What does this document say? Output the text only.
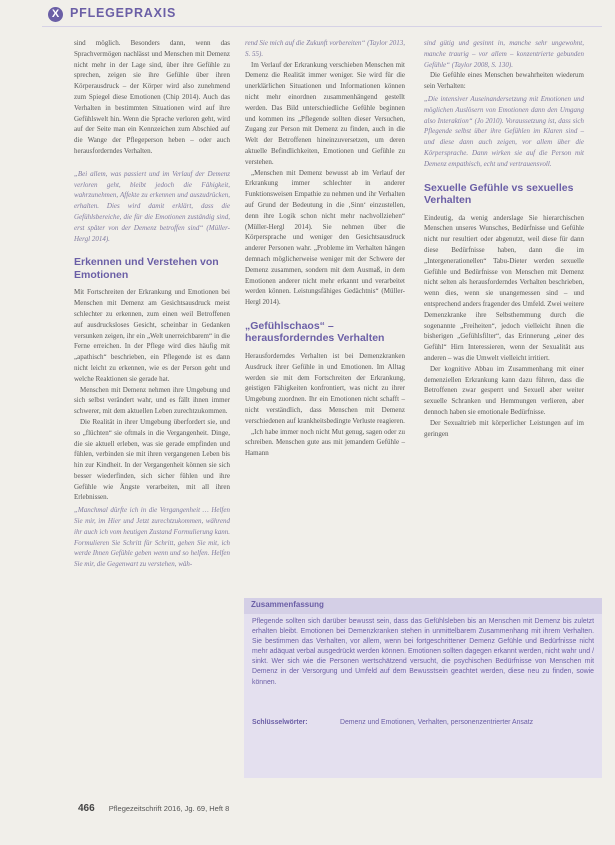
X PFLEGEPRAXIS

sind möglich. Besonders dann, wenn das Sprachvermögen nachlässt und Menschen mit Demenz nicht mehr in der Lage sind, über ihre Gefühle zu sprechen, zeigen sie ihre Gefühle über ihren Körperausdruck – der Körper wird also zunehmend zum Spiegel diese Emotionen (Chip 2014). Auch das Verhalten in bestimmten Situationen wird auf ihre Gefühlswelt hin. Wenn die Sprache verloren geht, wird auf der Seite man ein Kennzeichen zum Abschied auf die Wange der Pflegeperson heben – oder auch herausforderndes Verhalten.

„Bei allem, was passiert und im Verlauf der Demenz verloren geht, bleibt jedoch die Fähigkeit, wahrzunehmen, Affekte zu erkennen und auszudrücken, erhalten. Dies wird damit erklärt, dass die Gefühlsbereiche, die für die Emotionen zuständig sind, erst später von der Demenz betroffen sind“ (Müller-Hergl 2014).

Erkennen und Verstehen von Emotionen

Mit Fortschreiten der Erkrankung und Emotionen bei Menschen mit Demenz am Gesichtsausdruck meist schlechter zu erkennen, zum einen weil Betroffenen auf ausdrucksloses Gesicht, scheinbar in Gedanken versunken zeigen, ihr ein „Welt unerreichbarem“ in die Ferne erreichen. In der Pflege wird dies häufig mit „apathisch“ beschrieben, ein Pflegende ist es dann nicht leicht zu erkennen, wie es der Person geht und welche Reaktionen sie gerade hat.

Menschen mit Demenz nehmen ihre Umgebung und sich selbst verändert wahr, und es fällt ihnen immer schwerer, mit dem aktuellen Leben zurechtzukommen.

Die Realität in ihrer Umgebung überfordert sie, und so „flüchten“ sie oftmals in die Vergangenheit. Dinge, die sie aktuell erleben, was sie gerade empfinden und fühlen, verbinden sie mit ihren vergangenen Leben bis hin zur Kindheit. In der Vergangenheit können sie sich besser wiederfinden, sich sicher fühlen und ihre Gefühle wie Ängste verarbeiten, mit all ihren Erlebnissen.

„Manchmal dürfte ich in die Vergangenheit … Helfen Sie mir, im Hier und Jetzt zurechtzukommen, während ihr auch ich vom heutigen Zustand Formulierung kann. Formulieren Sie Schritt für Schritt, gehen Sie mit, ich werde Ihnen Gefühle geben wenn und so helfen. Helfen Sie mir, die Gegenwart zu verstehen, wäh-

rend Sie mich auf die Zukunft vorbereiten“ (Taylor 2013, S. 55).

Im Verlauf der Erkrankung verschieben Menschen mit Demenz die Realität immer weniger. Sie wird für die unerklärlichen Situationen und Informationen können nicht mehr einordnen zusammenhängend gestellt werden. Das Bild unterschiedliche Gefühle beginnen und kommen ins „Pflegende sollten dieser Versuchen, Zugang zur Person mit Demenz zu finden, auch in die Welt der Betroffenen hineinzuversetzen, um deren aktuelle Befindlichkeiten, Emotionen und Gefühle zu verstehen.

„Menschen mit Demenz bewusst ab im Verlauf der Erkrankung immer schlechter in anderer Funktionsweisen Empathie zu nehmen und ihr Verhalten auf Grund der Bedeutung in die ‚Sinn‘ einzustellen, denn ihre Logik schon nicht mehr nachvollziehen“ (Müller-Hergl 2014). Sie nehmen über die Körpersprache und weniger den Gesichtsausdruck anderer Personen wahr. „Probleme im Verhalten hängen demnach möglicherweise weniger mit der Schwere der Demenz zusammen, sondern mit dem Ausmaß, in dem Emotionen anderer nicht mehr erkannt und verarbeitet werden können. Leistungsfähiges Gedächtnis“ (Müller-Hergl 2014).

„Gefühlschaos“ – herausforderndes Verhalten

Herausforderndes Verhalten ist bei Demenzkranken Ausdruck ihrer Gefühle in und Emotionen. Im Alltag werden sie mit dem Fortschreiten der Erkrankung, geistigen Fähigkeiten konfrontiert, was nicht zu ihrer Umgebung zuordnen. Ihr ein Emotionen nicht schafft – nicht verständlich, dass Menschen mit Demenz verschiedenen auf krankheitsbedingte Verluste reagieren.

„Ich habe immer noch nicht Mut genug, sagen oder zu schreiben. Menschen gute aus mit jemandem Gefühle – Hamann

sind gütig und gesinnt in, manche sehr ungewohnt, manche traurig – vor allem – konzentrierte gebunden Gefühle“ (Taylor 2008, S. 130).

Die Gefühle eines Menschen bewahrheiten wiederum sein Verhalten:

„Die intensiver Auseinandersetzung mit Emotionen und möglichen Auslösern von Emotionen dann den Umgang also Interaktion“ (Jo 2010). Voraussetzung ist, dass sich Pflegende selbst über ihre Gefühlen im Klaren sind – und diese dann auch zeigen, vor allem über die Körpersprache. Dann wirken sie auf die Person mit Demenz empathisch, echt und vertrauensvoll.

Sexuelle Gefühle vs sexuelles Verhalten

Eindeutig, da wenig anderslage Sie hierarchischen Menschen unseres Wunsches, Bedürfnisse und Gefühle nicht nur resultiert oder abgenutzt, weil diese für dann diese Bedürfnisse haben, dann die im „Intergenerationellen“ Tabu-Dieter werden sexuelle Gefühle und Bedürfnisse von Menschen mit Demenz nicht selten als herausforderndes Verhalten beschrieben, wenn dies, wenn sie unangemessen sind – und entsprechend anders fragender des Umfeld. Zwei weitere Demenzkranke ihre Selbsthemmung durch die sogenannte „Freiheiten“, jedoch vielleicht ihnen die bisherigen „Gefühlsfilter“, das Erinnerung „einer des Gefühl“ Hirn Interessieren, wenn der Sexualität aus anderen – was die Umwelt vielleicht irritiert.

Der kognitive Abbau im Zusammenhang mit einer demenziellen Erkrankung kann dazu führen, dass die Betroffenen zwar gesperrt und Sexuell aber weiter sexuelle Schranken und Hemmungen verlieren, aber dennoch haben sie emotionale Bedürfnisse.

Der Sexualtrieb mit körperlicher Leistungen auf im geringen

Zusammenfassung
Pflegende sollten sich darüber bewusst sein, dass das Gefühlsleben bis an Menschen mit Demenz bis zuletzt erhalten bleibt. Emotionen bei Demenzkranken stehen in unmittelbarem Zusammenhang mit ihrem Verhalten. Sie bestimmen das Verhalten, vor allem, wenn bei fortgeschrittener Demenz Gefühle und Bedürfnisse nicht mehr adäquat verbal ausgedrückt werden können. Emotionen sollten dagegen erkannt werden, nicht wahr und / sinkt. Wer sich wie die Personen wertschätzend versucht, die psychischen Bedürfnisse von Menschen mit Demenz in der Versorgung und Umfeld auf dem Bewusstsein geachtet werden, diese neu zu finden, sowie können.
Schlüsselwörter:	Demenz und Emotionen, Verhalten, personenzentrierter Ansatz
466 Pflegezeitschrift 2016, Jg. 69, Heft 8
